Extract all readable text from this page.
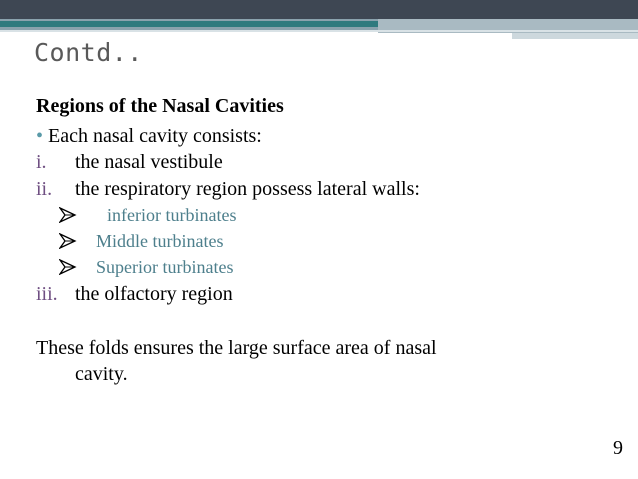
Contd..
Regions of the Nasal Cavities
• Each nasal cavity consists:
i. the nasal vestibule
ii. the respiratory region possess lateral walls:
inferior turbinates
Middle turbinates
Superior turbinates
iii. the olfactory region
These folds ensures the large surface area of nasal
cavity.
9
